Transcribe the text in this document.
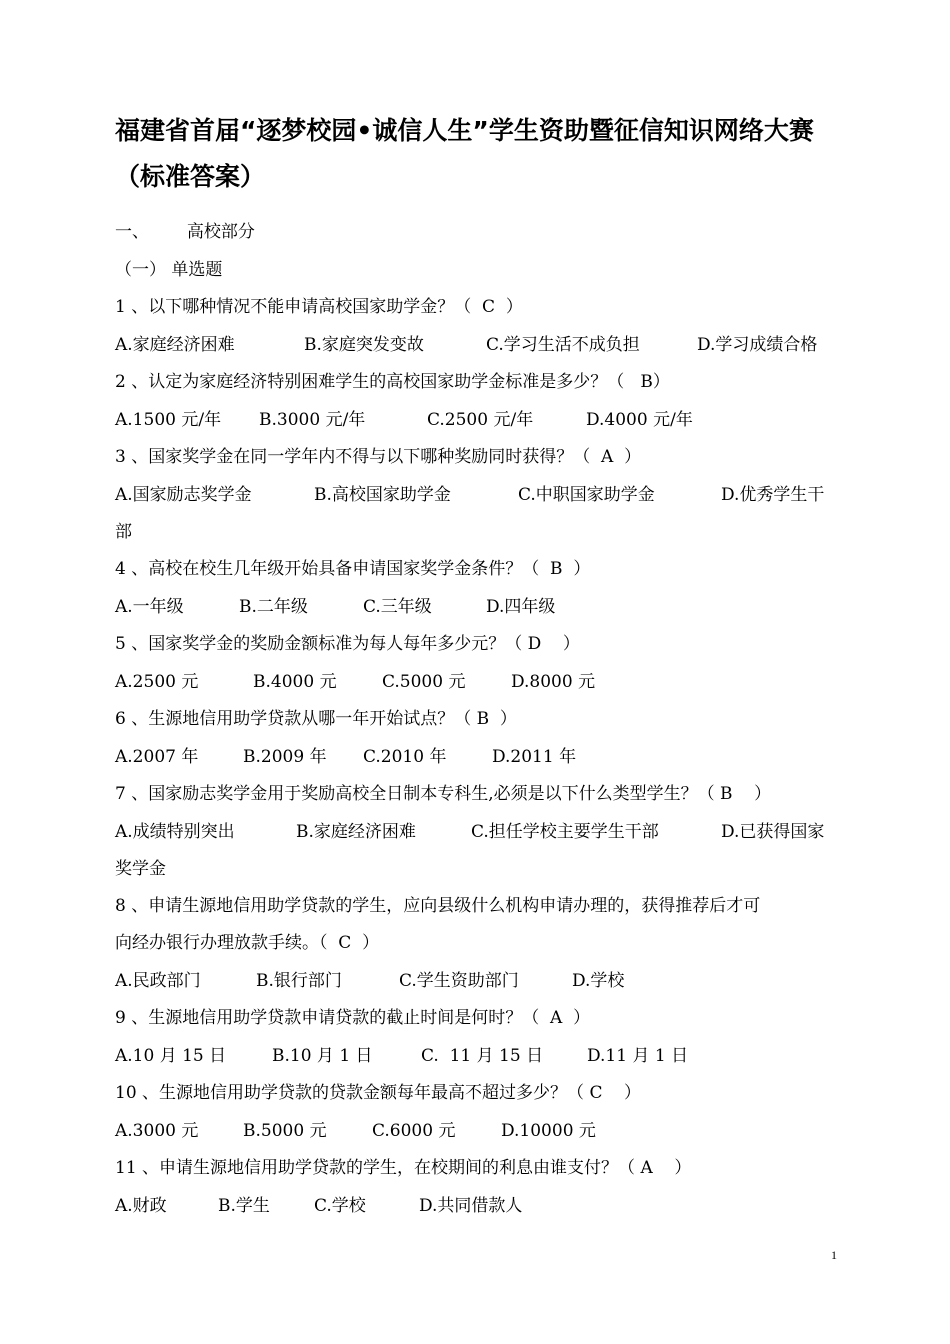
福建省首届“逐梦校园•诚信人生”学生资助暨征信知识网络大赛（标准答案）
一、       高校部分
（一） 单选题
1 、以下哪种情况不能申请高校国家助学金？（  C  ）

A.家庭经济困难

	B.家庭突发变故

	C.学习生活不成负担

	D.学习成绩合格

2 、认定为家庭经济特别困难学生的高校国家助学金标准是多少？（   B）

A.1500 元/年

B.3000 元/年

	C.2500 元/年

	D.4000 元/年

3 、国家奖学金在同一学年内不得与以下哪种奖励同时获得？（  A  ）

A.国家励志奖学金

	B.高校国家助学金

	C.中职国家助学金

	D.优秀学生干

部
4 、高校在校生几年级开始具备申请国家奖学金条件？（  B  ）

A.一年级

	B.二年级

	C.三年级

	D.四年级

5 、国家奖学金的奖励金额标准为每人每年多少元？（ D    ）

A.2500 元

	B.4000 元

	C.5000 元

	D.8000 元

6 、生源地信用助学贷款从哪一年开始试点？（ B  ）

A.2007 年

	B.2009 年

C.2010 年

	D.2011 年

7 、国家励志奖学金用于奖励高校全日制本专科生,必须是以下什么类型学生？（ B    ）

A.成绩特别突出

	B.家庭经济困难

	C.担任学校主要学生干部

	D.已获得国家

奖学金
8 、申请生源地信用助学贷款的学生，应向县级什么机构申请办理的，获得推荐后才可
向经办银行办理放款手续。（  C  ）

A.民政部门

	B.银行部门

	C.学生资助部门

	D.学校

9 、生源地信用助学贷款申请贷款的截止时间是何时？（  A  ）

A.10 月 15 日

	B.10 月 1 日

	C.  11 月 15 日

	D.11 月 1 日

10 、生源地信用助学贷款的贷款金额每年最高不超过多少？（ C    ）

A.3000 元

	B.5000 元

	C.6000 元

	D.10000 元

11 、申请生源地信用助学贷款的学生，在校期间的利息由谁支付？（ A    ）

A.财政

	B.学生

	C.学校

	D.共同借款人

1
